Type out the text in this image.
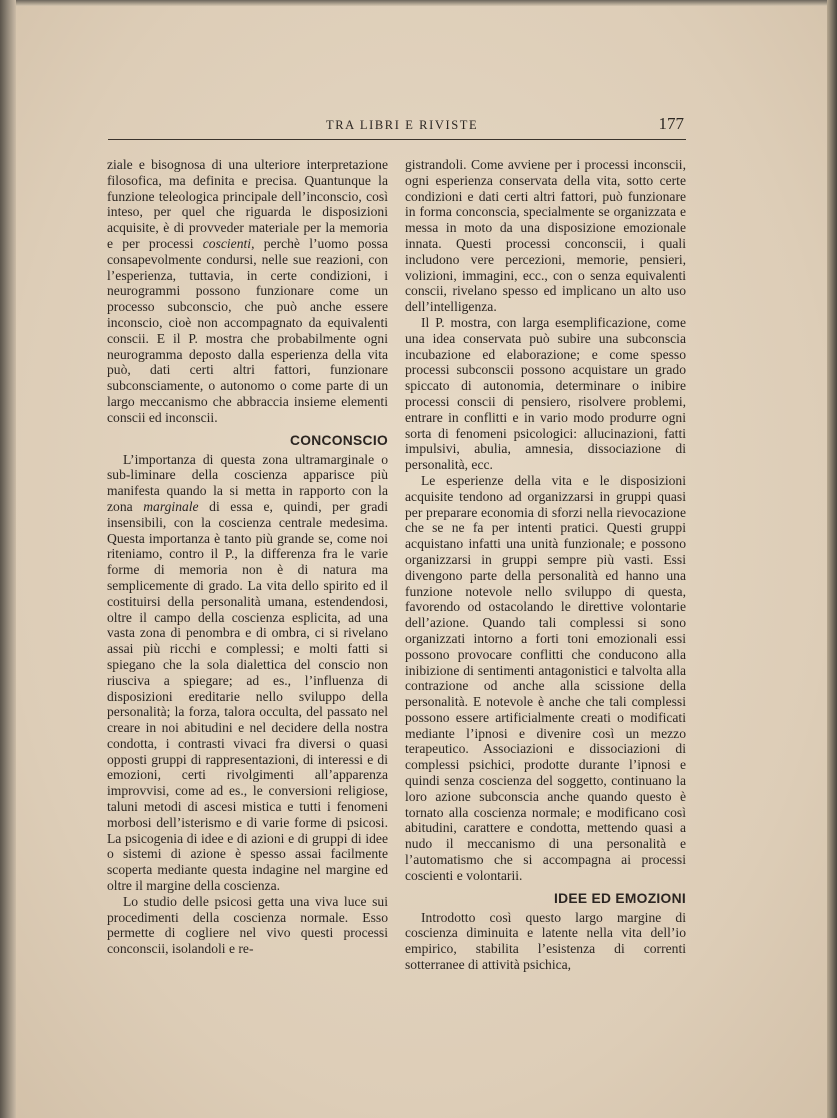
TRA LIBRI E RIVISTE	177

ziale e bisognosa di una ulteriore interpretazione filosofica, ma definita e precisa. Quantunque la funzione teleologica principale dell’inconscio, così inteso, per quel che riguarda le disposizioni acquisite, è di provveder materiale per la memoria e per processi coscienti, perchè l’uomo possa consapevolmente condursi, nelle sue reazioni, con l’esperienza, tuttavia, in certe condizioni, i neurogrammi possono funzionare come un processo subconscio, che può anche essere inconscio, cioè non accompagnato da equivalenti conscii. E il P. mostra che probabilmente ogni neurogramma deposto dalla esperienza della vita può, dati certi altri fattori, funzionare subconsciamente, o autonomo o come parte di un largo meccanismo che abbraccia insieme elementi conscii ed inconscii.

CONCONSCIO

L’importanza di questa zona ultramarginale o sub-liminare della coscienza apparisce più manifesta quando la si metta in rapporto con la zona marginale di essa e, quindi, per gradi insensibili, con la coscienza centrale medesima. Questa importanza è tanto più grande se, come noi riteniamo, contro il P., la differenza fra le varie forme di memoria non è di natura ma semplicemente di grado. La vita dello spirito ed il costituirsi della personalità umana, estendendosi, oltre il campo della coscienza esplicita, ad una vasta zona di penombra e di ombra, ci si rivelano assai più ricchi e complessi; e molti fatti si spiegano che la sola dialettica del conscio non riusciva a spiegare; ad es., l’influenza di disposizioni ereditarie nello sviluppo della personalità; la forza, talora occulta, del passato nel creare in noi abitudini e nel decidere della nostra condotta, i contrasti vivaci fra diversi o quasi opposti gruppi di rappresentazioni, di interessi e di emozioni, certi rivolgimenti all’apparenza improvvisi, come ad es., le conversioni religiose, taluni metodi di ascesi mistica e tutti i fenomeni morbosi dell’isterismo e di varie forme di psicosi. La psicogenia di idee e di azioni e di gruppi di idee o sistemi di azione è spesso assai facilmente scoperta mediante questa indagine nel margine ed oltre il margine della coscienza.

Lo studio delle psicosi getta una viva luce sui procedimenti della coscienza normale. Esso permette di cogliere nel vivo questi processi conconscii, isolandoli e re-

gistrandoli. Come avviene per i processi inconscii, ogni esperienza conservata della vita, sotto certe condizioni e dati certi altri fattori, può funzionare in forma conconscia, specialmente se organizzata e messa in moto da una disposizione emozionale innata. Questi processi conconscii, i quali includono vere percezioni, memorie, pensieri, volizioni, immagini, ecc., con o senza equivalenti conscii, rivelano spesso ed implicano un alto uso dell’intelligenza.

Il P. mostra, con larga esemplificazione, come una idea conservata può subire una subconscia incubazione ed elaborazione; e come spesso processi subconscii possono acquistare un grado spiccato di autonomia, determinare o inibire processi conscii di pensiero, risolvere problemi, entrare in conflitti e in vario modo produrre ogni sorta di fenomeni psicologici: allucinazioni, fatti impulsivi, abulia, amnesia, dissociazione di personalità, ecc.

Le esperienze della vita e le disposizioni acquisite tendono ad organizzarsi in gruppi quasi per preparare economia di sforzi nella rievocazione che se ne fa per intenti pratici. Questi gruppi acquistano infatti una unità funzionale; e possono organizzarsi in gruppi sempre più vasti. Essi divengono parte della personalità ed hanno una funzione notevole nello sviluppo di questa, favorendo od ostacolando le direttive volontarie dell’azione. Quando tali complessi si sono organizzati intorno a forti toni emozionali essi possono provocare conflitti che conducono alla inibizione di sentimenti antagonistici e talvolta alla contrazione od anche alla scissione della personalità. E notevole è anche che tali complessi possono essere artificialmente creati o modificati mediante l’ipnosi e divenire così un mezzo terapeutico. Associazioni e dissociazioni di complessi psichici, prodotte durante l’ipnosi e quindi senza coscienza del soggetto, continuano la loro azione subconscia anche quando questo è tornato alla coscienza normale; e modificano così abitudini, carattere e condotta, mettendo quasi a nudo il meccanismo di una personalità e l’automatismo che si accompagna ai processi coscienti e volontarii.

IDEE ED EMOZIONI

Introdotto così questo largo margine di coscienza diminuita e latente nella vita dell’io empirico, stabilita l’esistenza di correnti sotterranee di attività psichica,
